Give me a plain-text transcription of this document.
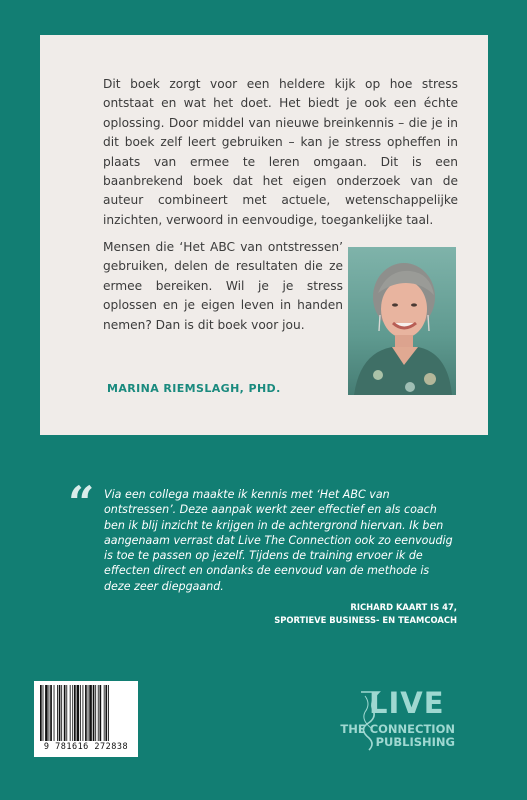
Dit boek zorgt voor een heldere kijk op hoe stress ontstaat en wat het doet. Het biedt je ook een échte oplossing. Door middel van nieuwe breinkennis – die je in dit boek zelf leert gebruiken – kan je stress opheffen in plaats van ermee te leren omgaan. Dit is een baanbrekend boek dat het eigen onderzoek van de auteur combineert met actuele, wetenschappelijke inzichten, verwoord in eenvoudige, toegankelijke taal.

Mensen die ‘Het ABC van ontstressen’ gebruiken, delen de resultaten die ze ermee bereiken. Wil je je stress oplossen en je eigen leven in handen nemen? Dan is dit boek voor jou.

MARINA RIEMSLAGH, PHD.

“ Via een collega maakte ik kennis met ‘Het ABC van ontstressen’. Deze aanpak werkt zeer effectief en als coach ben ik blij inzicht te krijgen in de achtergrond hiervan. Ik ben aangenaam verrast dat Live The Connection ook zo eenvoudig is toe te passen op jezelf. Tijdens de training ervoer ik de effecten direct en ondanks de eenvoud van de methode is deze zeer diepgaand.

RICHARD KAART IS 47,
SPORTIEVE BUSINESS- EN TEAMCOACH
9 781616 272838
LIVE
THE CONNECTION
PUBLISHING
